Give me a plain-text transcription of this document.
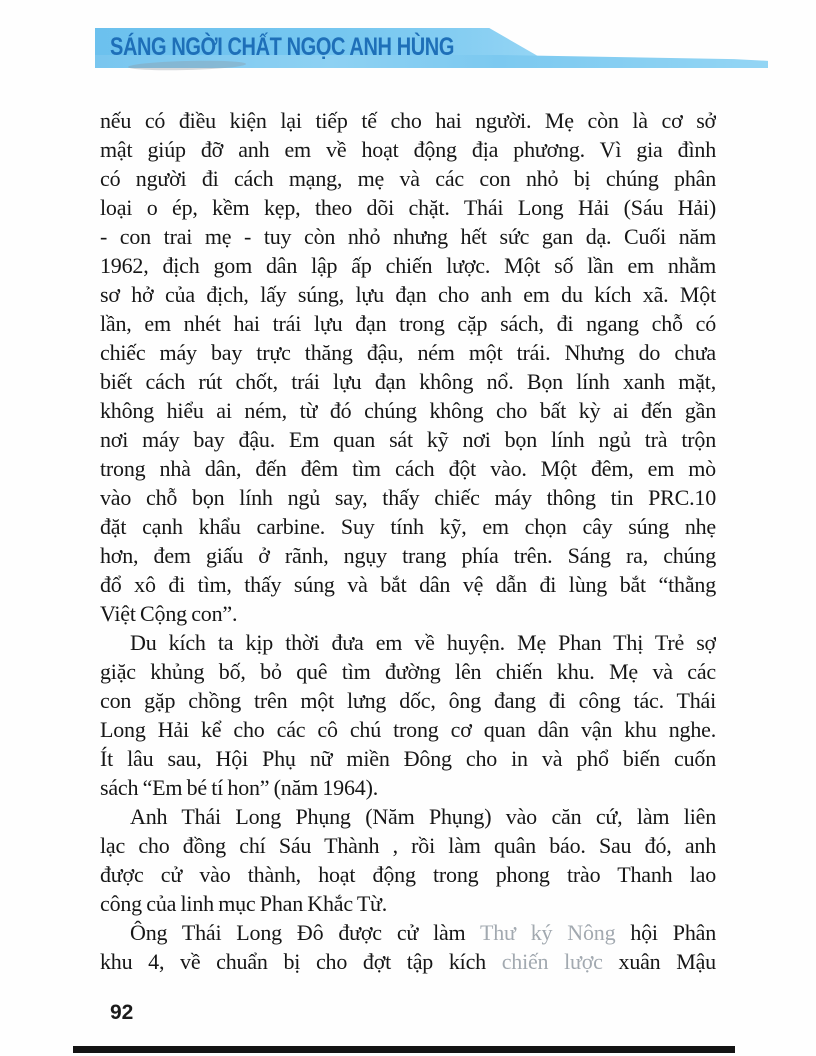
SÁNG NGỜI CHẤT NGỌC ANH HÙNG
nếu có điều kiện lại tiếp tế cho hai người. Mẹ còn là cơ sở
mật giúp đỡ anh em về hoạt động địa phương. Vì gia đình
có người đi cách mạng, mẹ và các con nhỏ bị chúng phân
loại o ép, kềm kẹp, theo dõi chặt. Thái Long Hải (Sáu Hải)
- con trai mẹ - tuy còn nhỏ nhưng hết sức gan dạ. Cuối năm
1962, địch gom dân lập ấp chiến lược. Một số lần em nhằm
sơ hở của địch, lấy súng, lựu đạn cho anh em du kích xã. Một
lần, em nhét hai trái lựu đạn trong cặp sách, đi ngang chỗ có
chiếc máy bay trực thăng đậu, ném một trái. Nhưng do chưa
biết cách rút chốt, trái lựu đạn không nổ. Bọn lính xanh mặt,
không hiểu ai ném, từ đó chúng không cho bất kỳ ai đến gần
nơi máy bay đậu. Em quan sát kỹ nơi bọn lính ngủ trà trộn
trong nhà dân, đến đêm tìm cách đột vào. Một đêm, em mò
vào chỗ bọn lính ngủ say, thấy chiếc máy thông tin PRC.10
đặt cạnh khẩu carbine. Suy tính kỹ, em chọn cây súng nhẹ
hơn, đem giấu ở rãnh, ngụy trang phía trên. Sáng ra, chúng
đổ xô đi tìm, thấy súng và bắt dân vệ dẫn đi lùng bắt “thằng
Việt Cộng con”.
Du kích ta kịp thời đưa em về huyện. Mẹ Phan Thị Trẻ sợ
giặc khủng bố, bỏ quê tìm đường lên chiến khu. Mẹ và các
con gặp chồng trên một lưng dốc, ông đang đi công tác. Thái
Long Hải kể cho các cô chú trong cơ quan dân vận khu nghe.
Ít lâu sau, Hội Phụ nữ miền Đông cho in và phổ biến cuốn
sách “Em bé tí hon” (năm 1964).
Anh Thái Long Phụng (Năm Phụng) vào căn cứ, làm liên
lạc cho đồng chí Sáu Thành , rồi làm quân báo. Sau đó, anh
được cử vào thành, hoạt động trong phong trào Thanh lao
công của linh mục Phan Khắc Từ.
Ông Thái Long Đô được cử làm Thư ký Nông hội Phân
khu 4, về chuẩn bị cho đợt tập kích chiến lược xuân Mậu
92
